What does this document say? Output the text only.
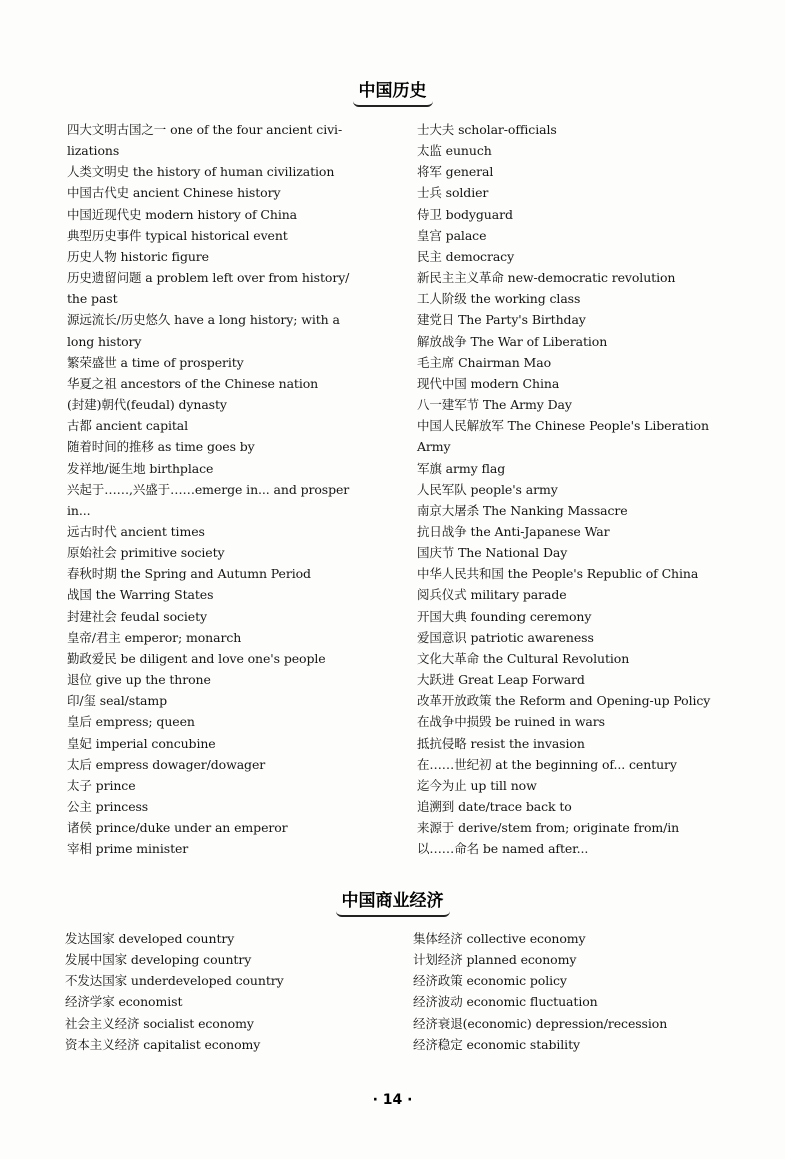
中国历史
四大文明古国之一 one of the four ancient civi-
lizations
人类文明史 the history of human civilization
中国古代史 ancient Chinese history
中国近现代史 modern history of China
典型历史事件 typical historical event
历史人物 historic figure
历史遗留问题 a problem left over from history/
the past
源远流长/历史悠久 have a long history; with a
long history
繁荣盛世 a time of prosperity
华夏之祖 ancestors of the Chinese nation
(封建)朝代(feudal) dynasty
古都 ancient capital
随着时间的推移 as time goes by
发祥地/诞生地 birthplace
兴起于……,兴盛于……emerge in... and prosper
in...
远古时代 ancient times
原始社会 primitive society
春秋时期 the Spring and Autumn Period
战国 the Warring States
封建社会 feudal society
皇帝/君主 emperor; monarch
勤政爱民 be diligent and love one's people
退位 give up the throne
印/玺 seal/stamp
皇后 empress; queen
皇妃 imperial concubine
太后 empress dowager/dowager
太子 prince
公主 princess
诸侯 prince/duke under an emperor
宰相 prime minister
士大夫 scholar-officials
太监 eunuch
将军 general
士兵 soldier
侍卫 bodyguard
皇宫 palace
民主 democracy
新民主主义革命 new-democratic revolution
工人阶级 the working class
建党日 The Party's Birthday
解放战争 The War of Liberation
毛主席 Chairman Mao
现代中国 modern China
八一建军节 The Army Day
中国人民解放军 The Chinese People's Liberation
Army
军旗 army flag
人民军队 people's army
南京大屠杀 The Nanking Massacre
抗日战争 the Anti-Japanese War
国庆节 The National Day
中华人民共和国 the People's Republic of China
阅兵仪式 military parade
开国大典 founding ceremony
爱国意识 patriotic awareness
文化大革命 the Cultural Revolution
大跃进 Great Leap Forward
改革开放政策 the Reform and Opening-up Policy
在战争中损毁 be ruined in wars
抵抗侵略 resist the invasion
在……世纪初 at the beginning of... century
迄今为止 up till now
追溯到 date/trace back to
来源于 derive/stem from; originate from/in
以……命名 be named after...
中国商业经济
发达国家 developed country
发展中国家 developing country
不发达国家 underdeveloped country
经济学家 economist
社会主义经济 socialist economy
资本主义经济 capitalist economy
集体经济 collective economy
计划经济 planned economy
经济政策 economic policy
经济波动 economic fluctuation
经济衰退(economic) depression/recession
经济稳定 economic stability
· 14 ·
